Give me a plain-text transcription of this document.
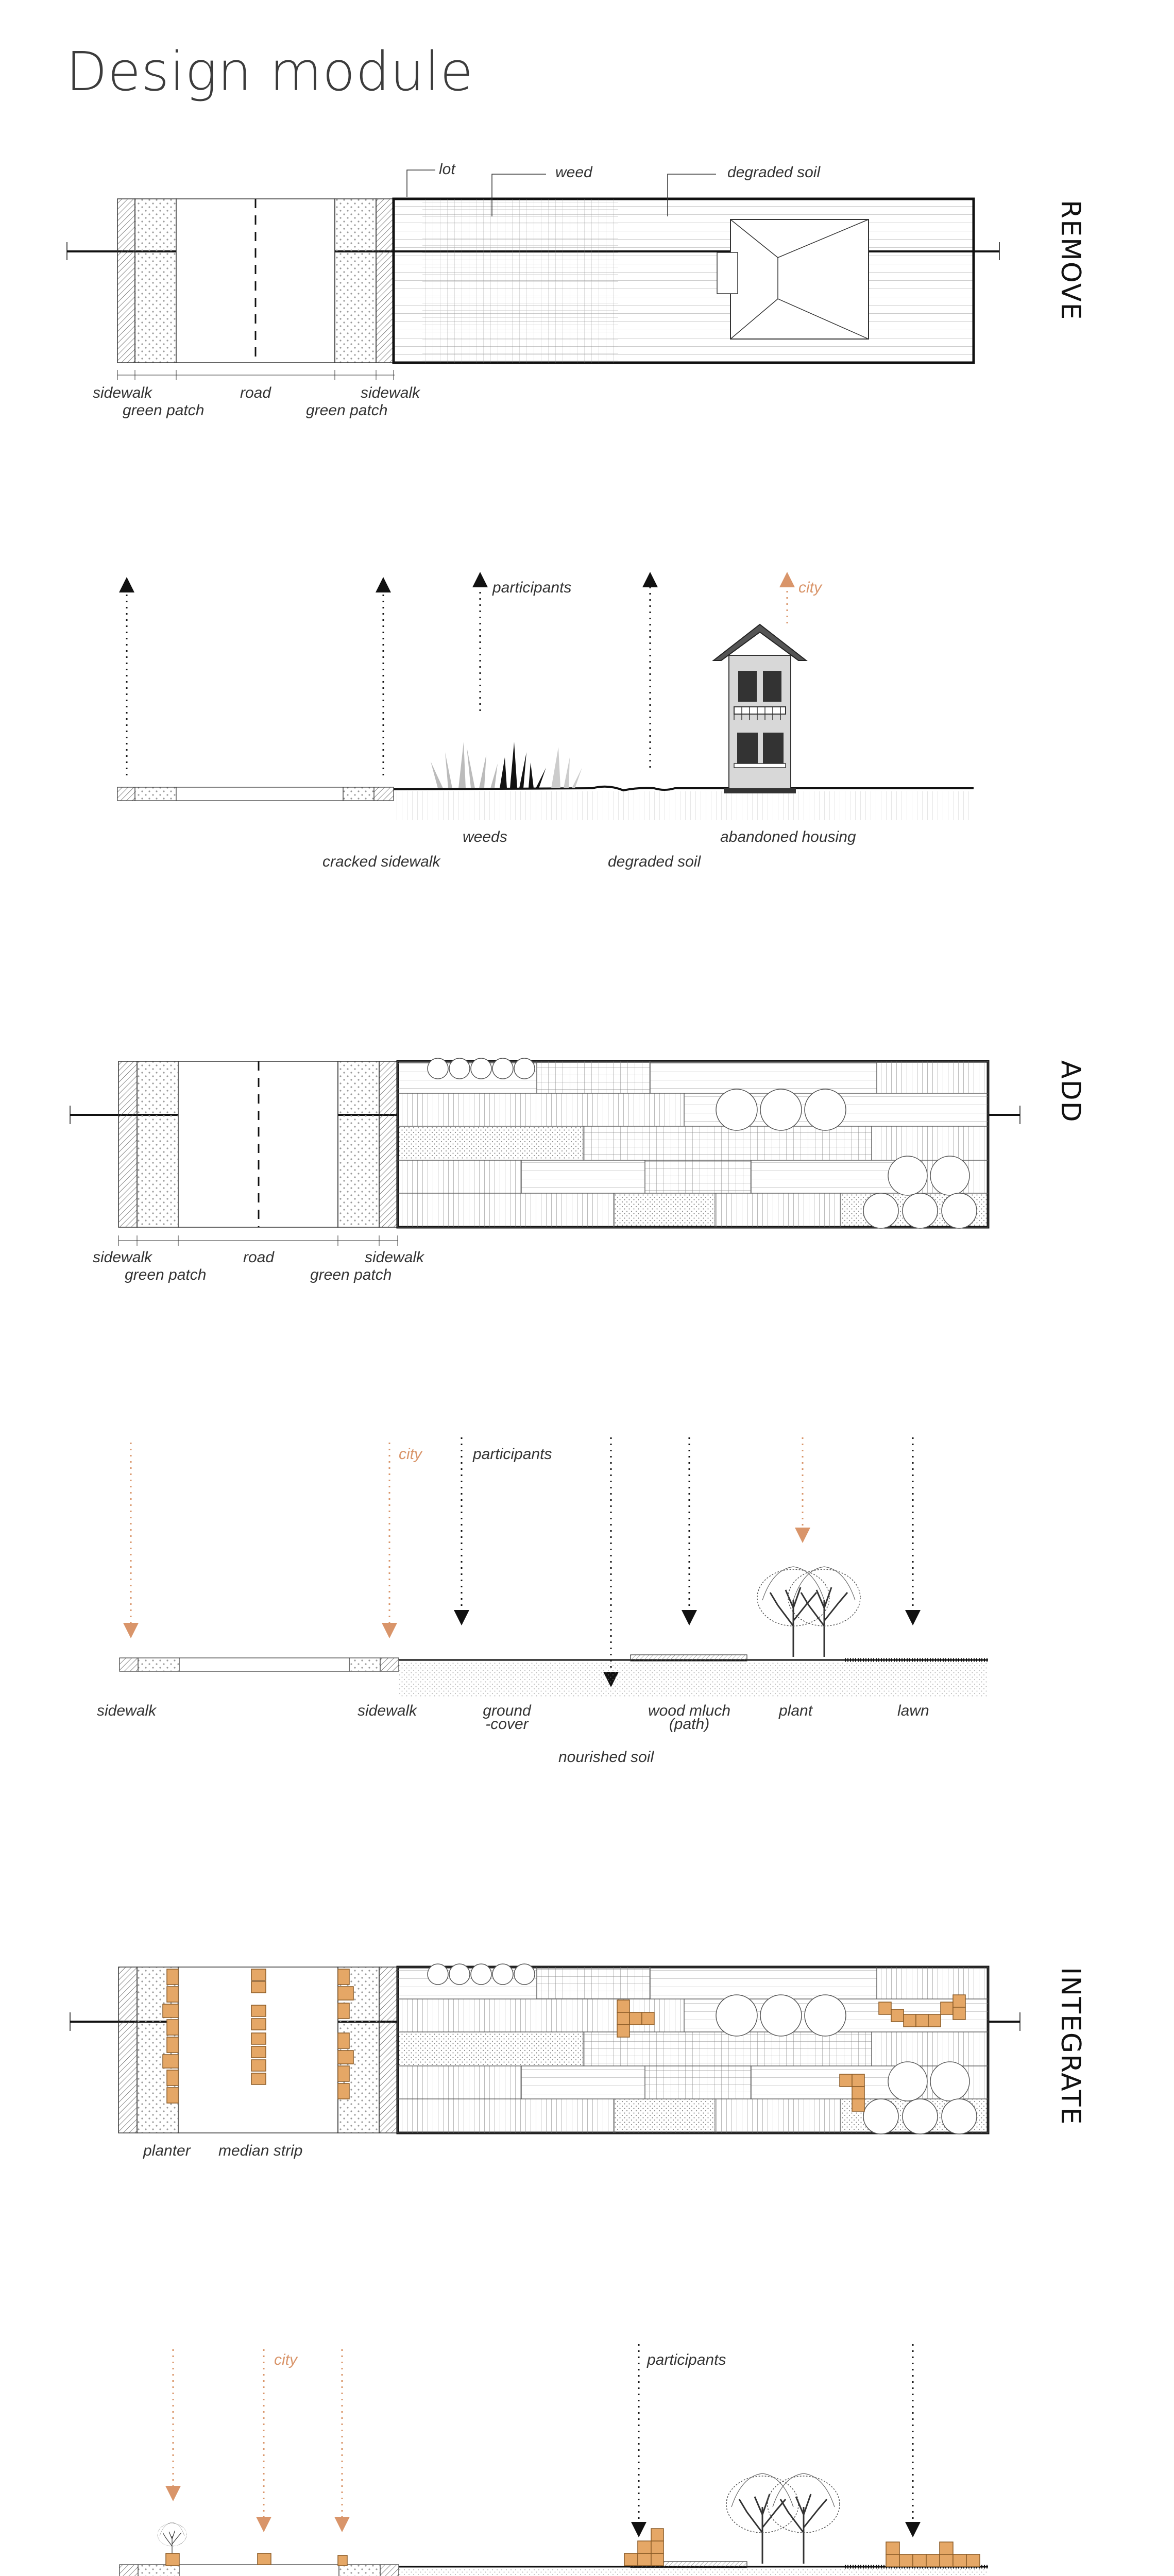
Design module
REMOVE
ADD
INTEGRATE
lot	weed	degraded soil
sidewalk
green patch
road
green patch
sidewalk
participants	city
weeds
cracked sidewalk	degraded soil
abandoned housing
sidewalk
green patch
road
green patch
sidewalk
city	participants
sidewalk	sidewalk	ground
-cover
wood mluch
(path)
plant	lawn
nourished soil
planter median strip
city	participants
